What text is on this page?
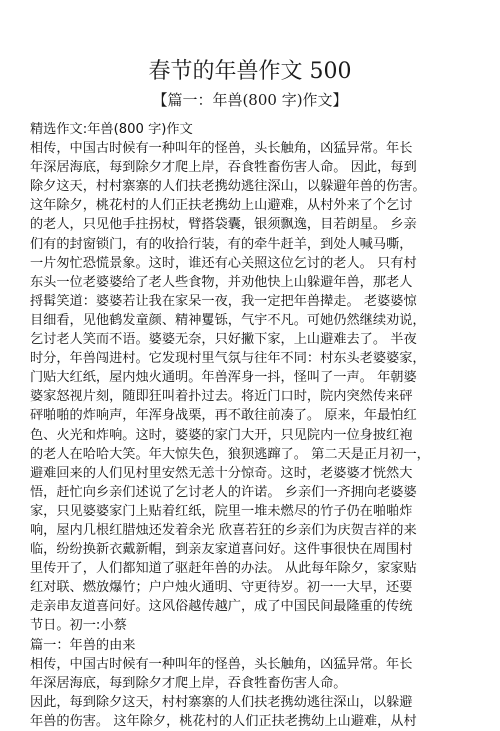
春节的年兽作文 500
【篇一：年兽(800 字)作文】
精选作文:年兽(800 字)作文
相传，中国古时候有一种叫年的怪兽，头长触角，凶猛异常。年长
年深居海底，每到除夕才爬上岸，吞食牲畜伤害人命。 因此，每到
除夕这天，村村寨寨的人们扶老携幼逃往深山，以躲避年兽的伤害。
这年除夕，桃花村的人们正扶老携幼上山避难，从村外来了个乞讨
的老人，只见他手拄拐杖，臂搭袋囊，银须飘逸，目若朗星。 乡亲
们有的封窗锁门，有的收拾行装，有的牵牛赶羊，到处人喊马嘶，
一片匆忙恐慌景象。这时，谁还有心关照这位乞讨的老人。 只有村
东头一位老婆婆给了老人些食物，并劝他快上山躲避年兽，那老人
捋髯笑道：婆婆若让我在家呆一夜，我一定把年兽撵走。 老婆婆惊
目细看，见他鹤发童颜、精神矍铄，气宇不凡。可她仍然继续劝说，
乞讨老人笑而不语。婆婆无奈，只好撇下家，上山避难去了。 半夜
时分，年兽闯进村。它发现村里气氛与往年不同：村东头老婆婆家，
门贴大红纸，屋内烛火通明。年兽浑身一抖，怪叫了一声。 年朝婆
婆家怒视片刻，随即狂叫着扑过去。将近门口时，院内突然传来砰
砰啪啪的炸响声，年浑身战栗，再不敢往前凑了。 原来，年最怕红
色、火光和炸响。这时，婆婆的家门大开，只见院内一位身披红袍
的老人在哈哈大笑。年大惊失色，狼狈逃蹿了。 第二天是正月初一，
避难回来的人们见村里安然无恙十分惊奇。这时，老婆婆才恍然大
悟，赶忙向乡亲们述说了乞讨老人的许诺。 乡亲们一齐拥向老婆婆
家，只见婆婆家门上贴着红纸，院里一堆未燃尽的竹子仍在啪啪炸
响，屋内几根红腊烛还发着余光 欣喜若狂的乡亲们为庆贺吉祥的来
临，纷纷换新衣戴新帽，到亲友家道喜问好。这件事很快在周围村
里传开了，人们都知道了驱赶年兽的办法。 从此每年除夕，家家贴
红对联、燃放爆竹；户户烛火通明、守更待岁。初一一大早，还要
走亲串友道喜问好。这风俗越传越广，成了中国民间最隆重的传统
节日。初一:小蔡
篇一：年兽的由来
相传，中国古时候有一种叫年的怪兽，头长触角，凶猛异常。年长
年深居海底，每到除夕才爬上岸，吞食牲畜伤害人命。
因此，每到除夕这天，村村寨寨的人们扶老携幼逃往深山，以躲避
年兽的伤害。 这年除夕，桃花村的人们正扶老携幼上山避难，从村
